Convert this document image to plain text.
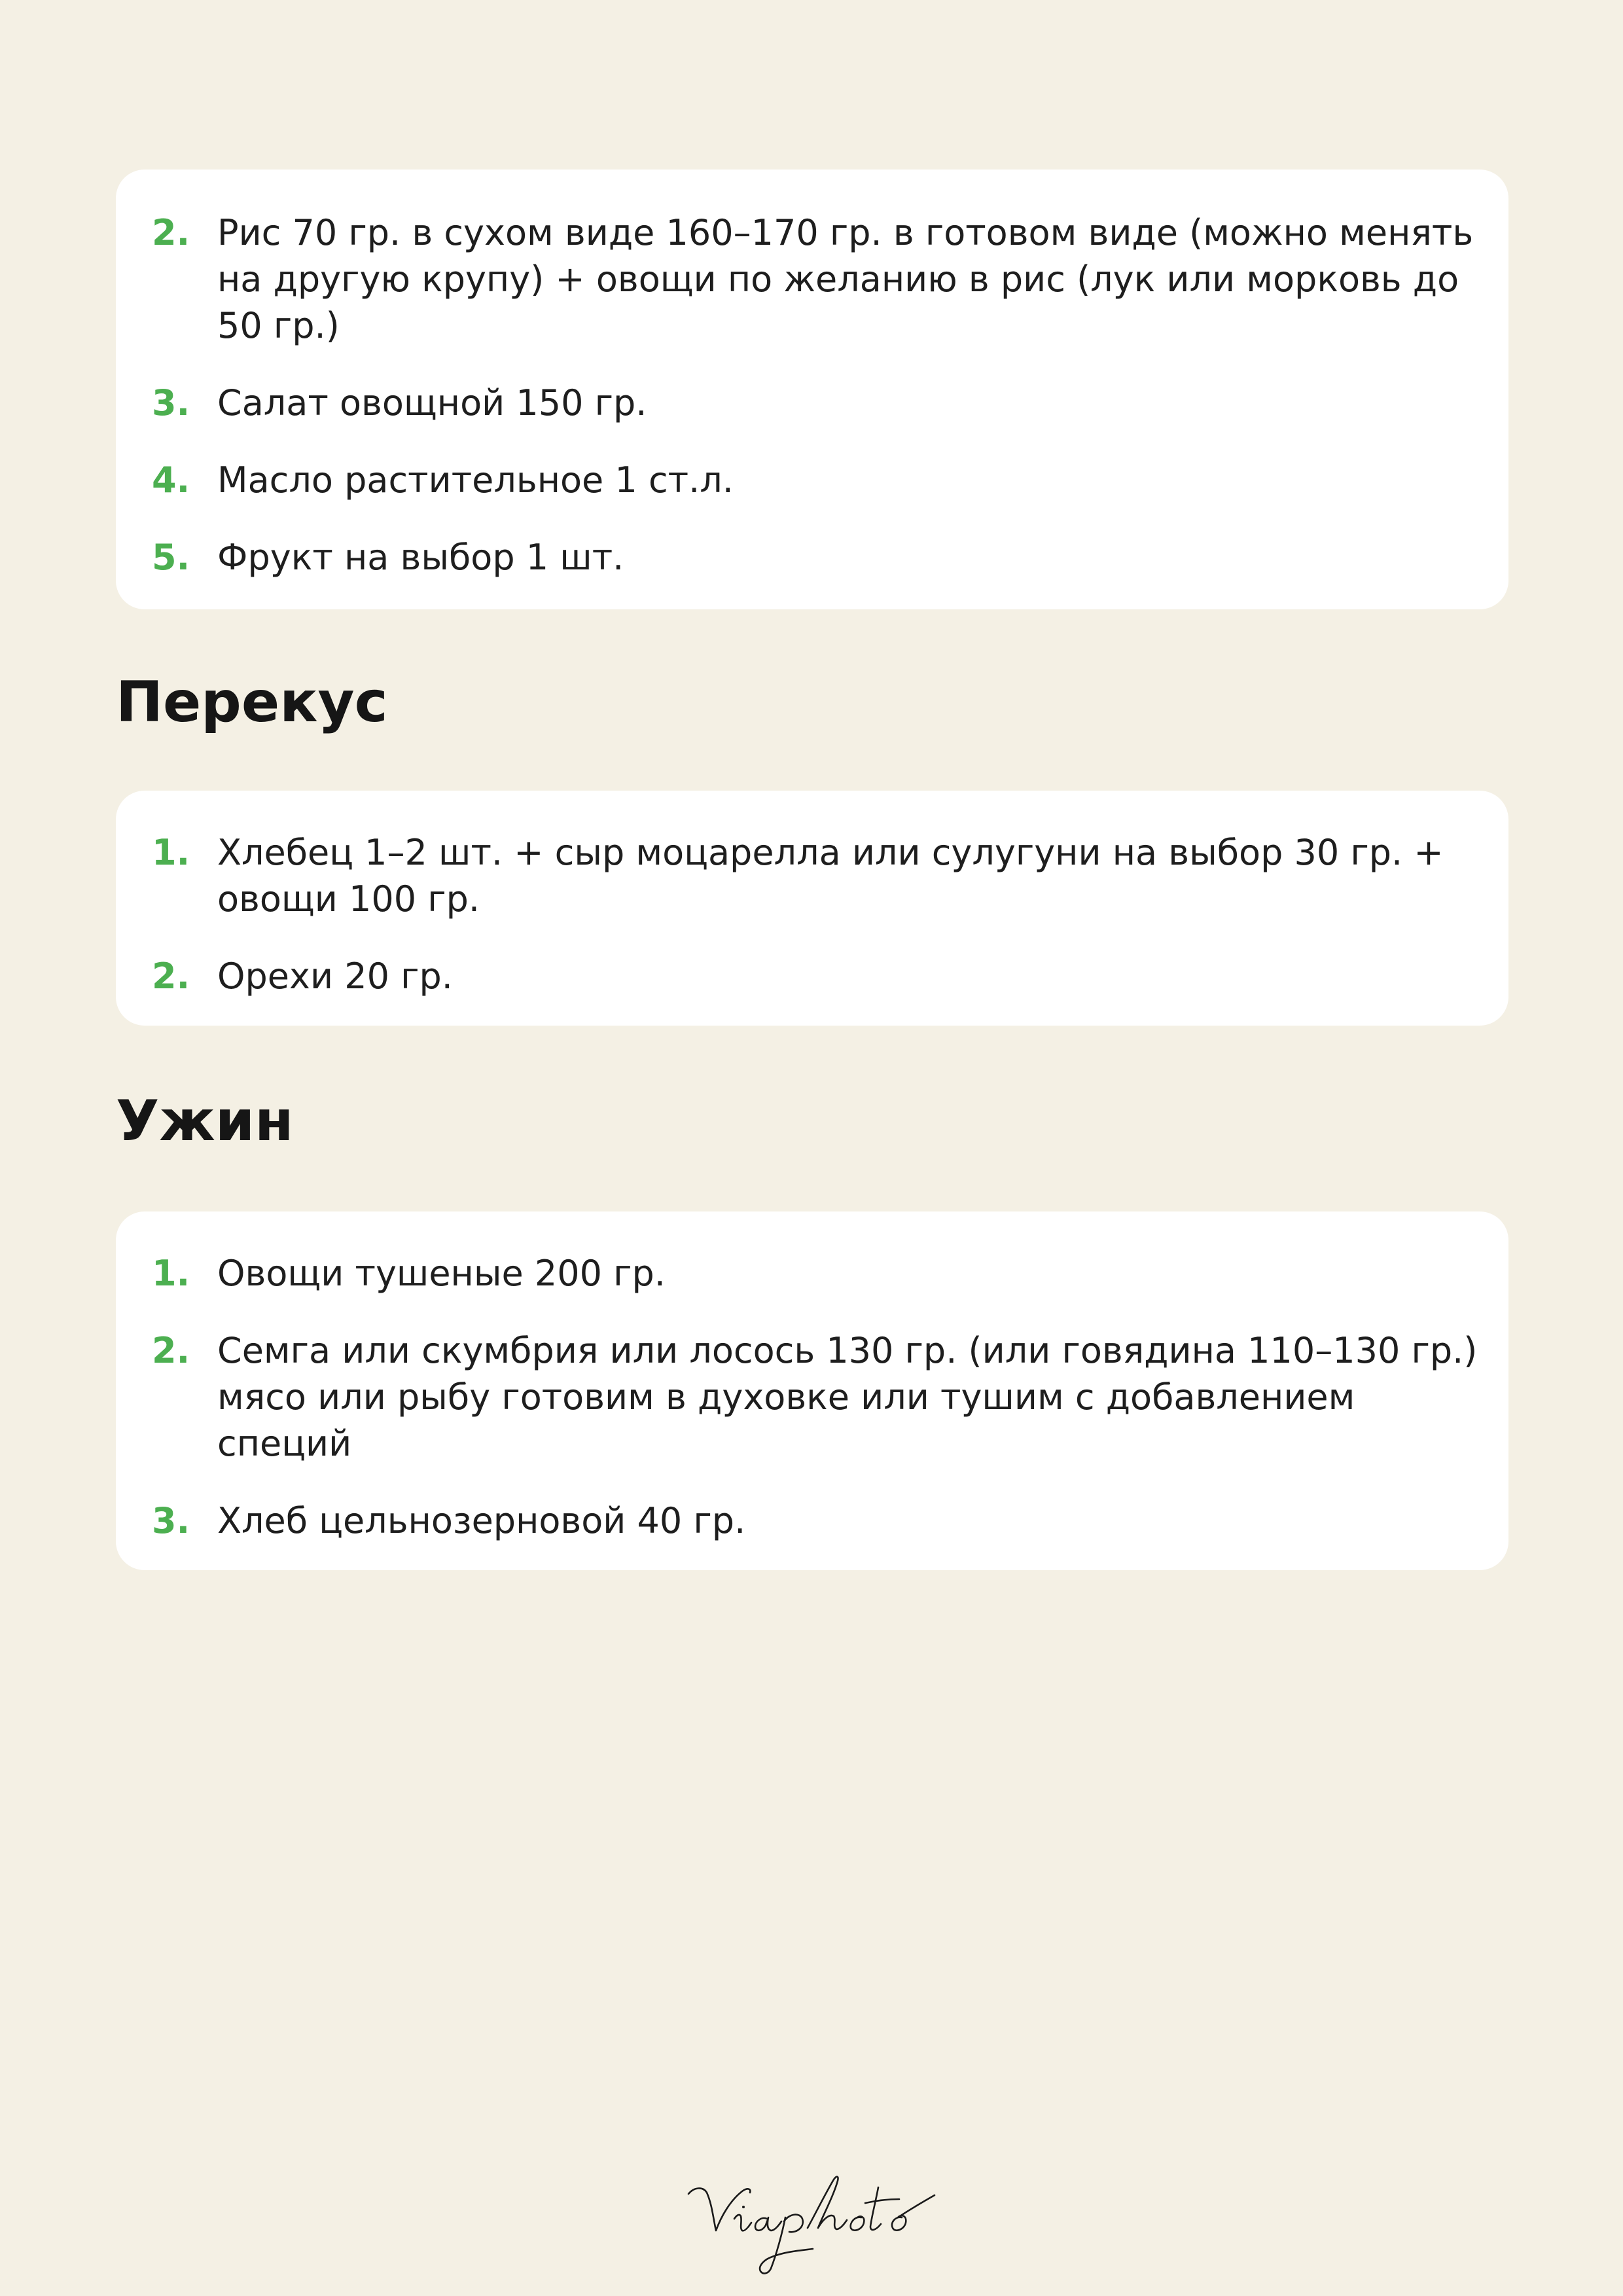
2. Рис 70 гр. в сухом виде 160–170 гр. в готовом виде (можно менять на другую крупу) + овощи по желанию в рис (лук или морковь до 50 гр.)
3. Салат овощной 150 гр.
4. Масло растительное 1 ст.л.
5. Фрукт на выбор 1 шт.
Перекус
1. Хлебец 1–2 шт. + сыр моцарелла или сулугуни на выбор 30 гр. + овощи 100 гр.
2. Орехи 20 гр.
Ужин
1. Овощи тушеные 200 гр.
2. Семга или скумбрия или лосось 130 гр. (или говядина 110–130 гр.) мясо или рыбу готовим в духовке или тушим с добавлением специй
3. Хлеб цельнозерновой 40 гр.
